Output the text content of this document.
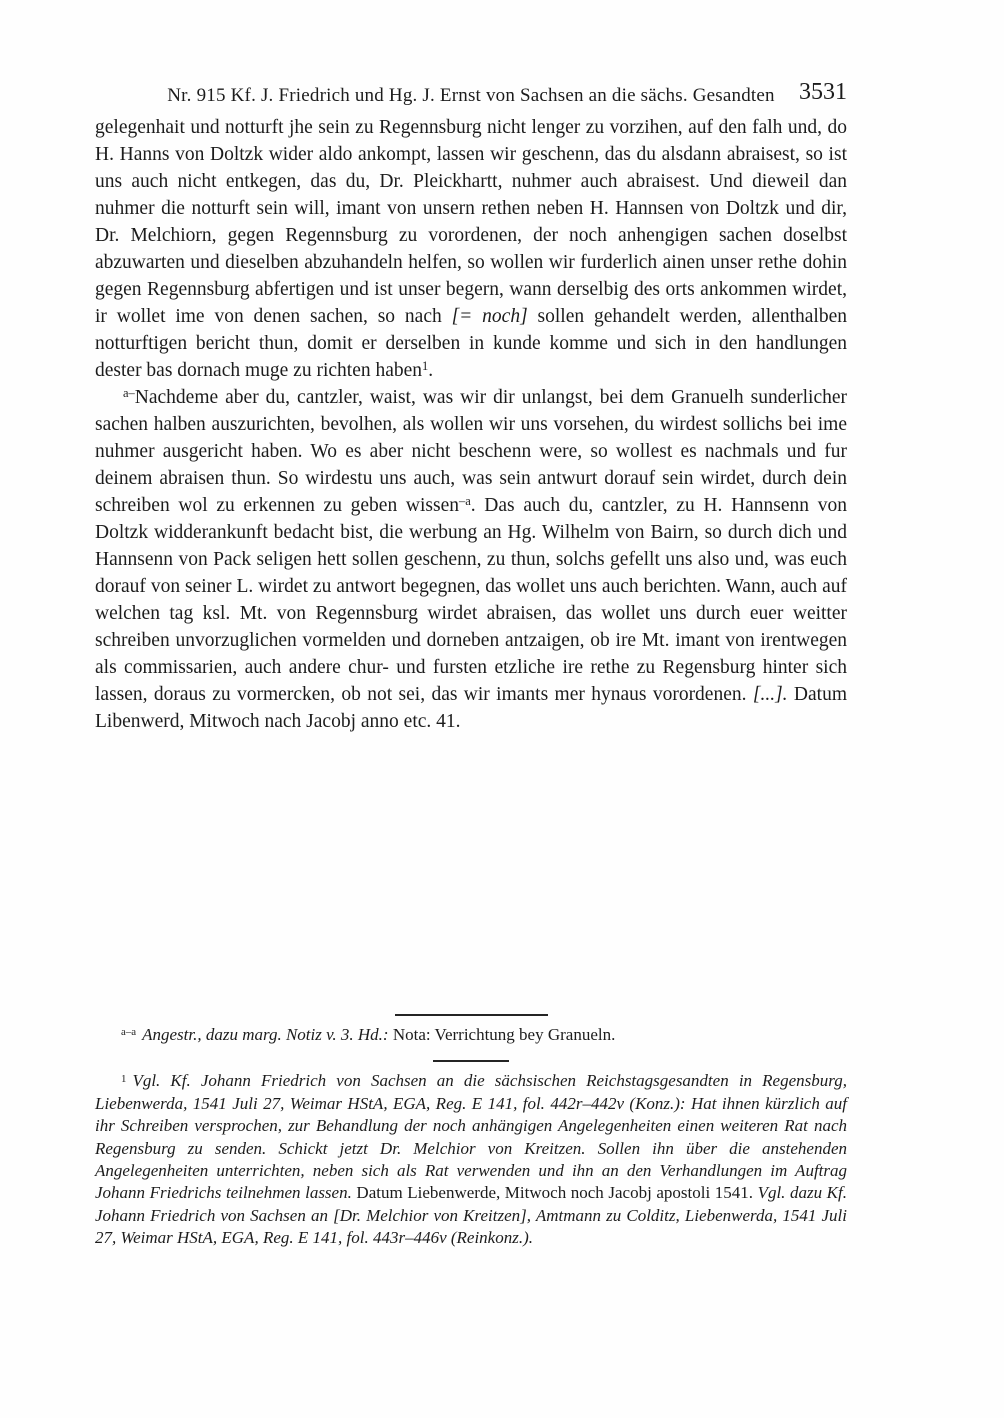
Nr. 915 Kf. J. Friedrich und Hg. J. Ernst von Sachsen an die sächs. Gesandten	3531

gelegenhait und notturft jhe sein zu Regennsburg nicht lenger zu vorzihen, auf den falh und, do H. Hanns von Doltzk wider aldo ankompt, lassen wir geschenn, das du alsdann abraisest, so ist uns auch nicht entkegen, das du, Dr. Pleickhartt, nuhmer auch abraisest. Und dieweil dan nuhmer die notturft sein will, imant von unsern rethen neben H. Hannsen von Doltzk und dir, Dr. Melchiorn, gegen Regennsburg zu vorordenen, der noch anhengigen sachen doselbst abzuwarten und dieselben abzuhandeln helfen, so wollen wir furderlich ainen unser rethe dohin gegen Regennsburg abfertigen und ist unser begern, wann derselbig des orts ankommen wirdet, ir wollet ime von denen sachen, so nach [= noch] sollen gehandelt werden, allenthalben notturftigen bericht thun, domit er derselben in kunde komme und sich in den handlungen dester bas dornach muge zu richten haben$^1$.

$^{a-}$Nachdeme aber du, cantzler, waist, was wir dir unlangst, bei dem Granuelh sunderlicher sachen halben auszurichten, bevolhen, als wollen wir uns vorsehen, du wirdest sollichs bei ime nuhmer ausgericht haben. Wo es aber nicht beschenn were, so wollest es nachmals und fur deinem abraisen thun. So wirdestu uns auch, was sein antwurt dorauf sein wirdet, durch dein schreiben wol zu erkennen zu geben wissen$^{-a}$. Das auch du, cantzler, zu H. Hannsenn von Doltzk widderankunft bedacht bist, die werbung an Hg. Wilhelm von Bairn, so durch dich und Hannsenn von Pack seligen hett sollen geschenn, zu thun, solchs gefellt uns also und, was euch dorauf von seiner L. wirdet zu antwort begegnen, das wollet uns auch berichten. Wann, auch auf welchen tag ksl. Mt. von Regennsburg wirdet abraisen, das wollet uns durch euer weitter schreiben unvorzuglichen vormelden und dorneben antzaigen, ob ire Mt. imant von irentwegen als commissarien, auch andere chur- und fursten etzliche ire rethe zu Regensburg hinter sich lassen, doraus zu vormercken, ob not sei, das wir imants mer hynaus vorordenen. [...]. Datum Libenwerd, Mitwoch nach Jacobj anno etc. 41.

$^{a-a}$ Angestr., dazu marg. Notiz v. 3. Hd.: Nota: Verrichtung bey Granueln.

$^1$ Vgl. Kf. Johann Friedrich von Sachsen an die sächsischen Reichstagsgesandten in Regensburg, Liebenwerda, 1541 Juli 27, Weimar HStA, EGA, Reg. E 141, fol. 442r–442v (Konz.): Hat ihnen kürzlich auf ihr Schreiben versprochen, zur Behandlung der noch anhängigen Angelegenheiten einen weiteren Rat nach Regensburg zu senden. Schickt jetzt Dr. Melchior von Kreitzen. Sollen ihn über die anstehenden Angelegenheiten unterrichten, neben sich als Rat verwenden und ihn an den Verhandlungen im Auftrag Johann Friedrichs teilnehmen lassen. Datum Liebenwerde, Mitwoch noch Jacobj apostoli 1541. Vgl. dazu Kf. Johann Friedrich von Sachsen an [Dr. Melchior von Kreitzen], Amtmann zu Colditz, Liebenwerda, 1541 Juli 27, Weimar HStA, EGA, Reg. E 141, fol. 443r–446v (Reinkonz.).
